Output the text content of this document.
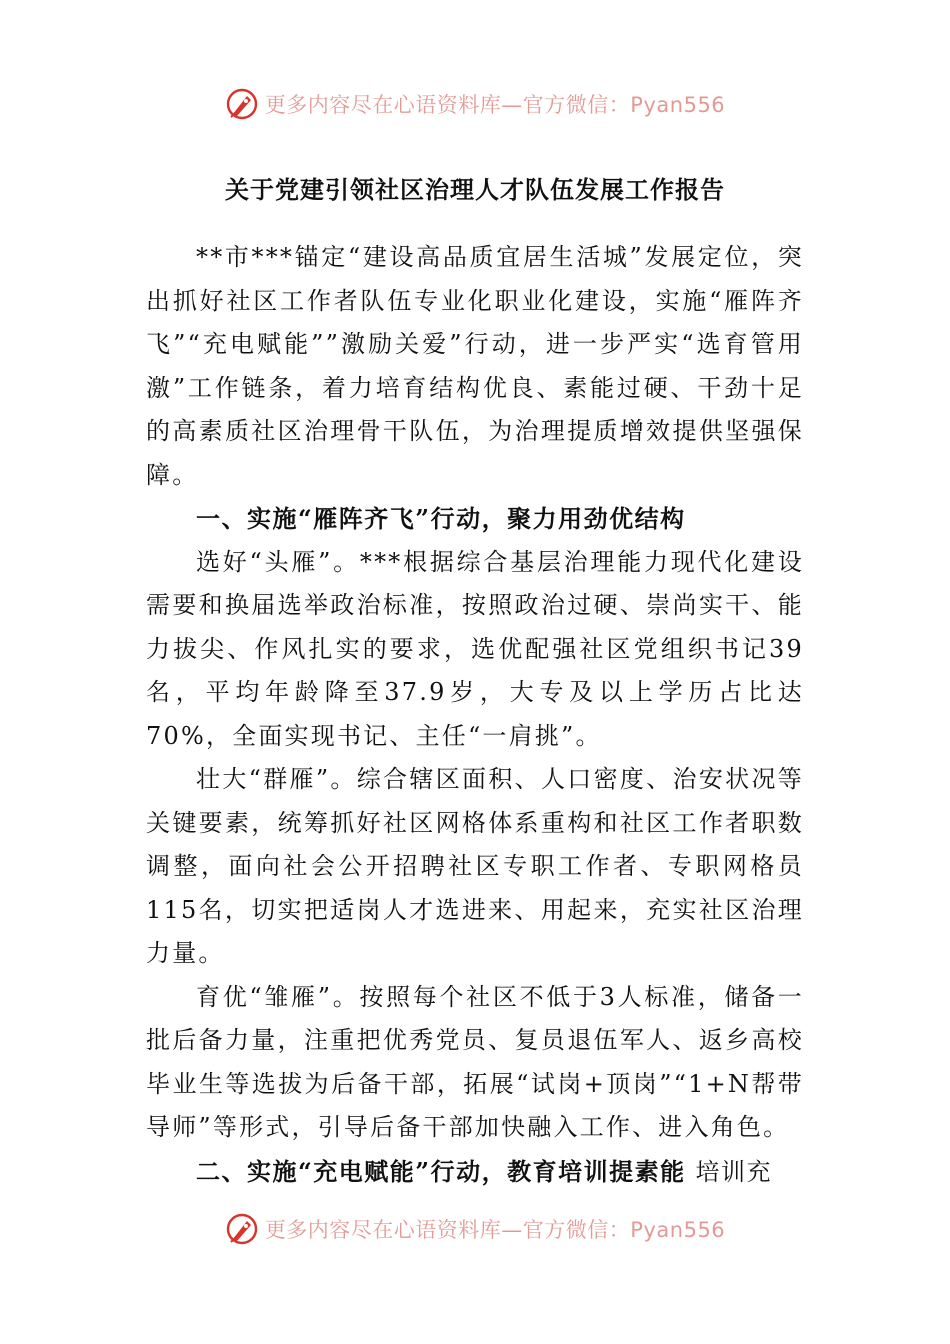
更多内容尽在心语资料库—官方微信：Pyan556
关于党建引领社区治理人才队伍发展工作报告

**市***锚定“建设高品质宜居生活城”发展定位，突出抓好社区工作者队伍专业化职业化建设，实施“雁阵齐飞”“充电赋能””激励关爱”行动，进一步严实“选育管用激”工作链条，着力培育结构优良、素能过硬、干劲十足的高素质社区治理骨干队伍，为治理提质增效提供坚强保障。

一、实施“雁阵齐飞”行动，聚力用劲优结构

选好“头雁”。***根据综合基层治理能力现代化建设需要和换届选举政治标准，按照政治过硬、崇尚实干、能力拔尖、作风扎实的要求，选优配强社区党组织书记39名，平均年龄降至37.9岁，大专及以上学历占比达70%，全面实现书记、主任“一肩挑”。

壮大“群雁”。综合辖区面积、人口密度、治安状况等关键要素，统筹抓好社区网格体系重构和社区工作者职数调整，面向社会公开招聘社区专职工作者、专职网格员115名，切实把适岗人才选进来、用起来，充实社区治理力量。

育优“雏雁”。按照每个社区不低于3人标准，储备一批后备力量，注重把优秀党员、复员退伍军人、返乡高校毕业生等选拔为后备干部，拓展“试岗+顶岗”“1+N帮带导师”等形式，引导后备干部加快融入工作、进入角色。

二、实施“充电赋能”行动，教育培训提素能 培训充

更多内容尽在心语资料库—官方微信：Pyan556
